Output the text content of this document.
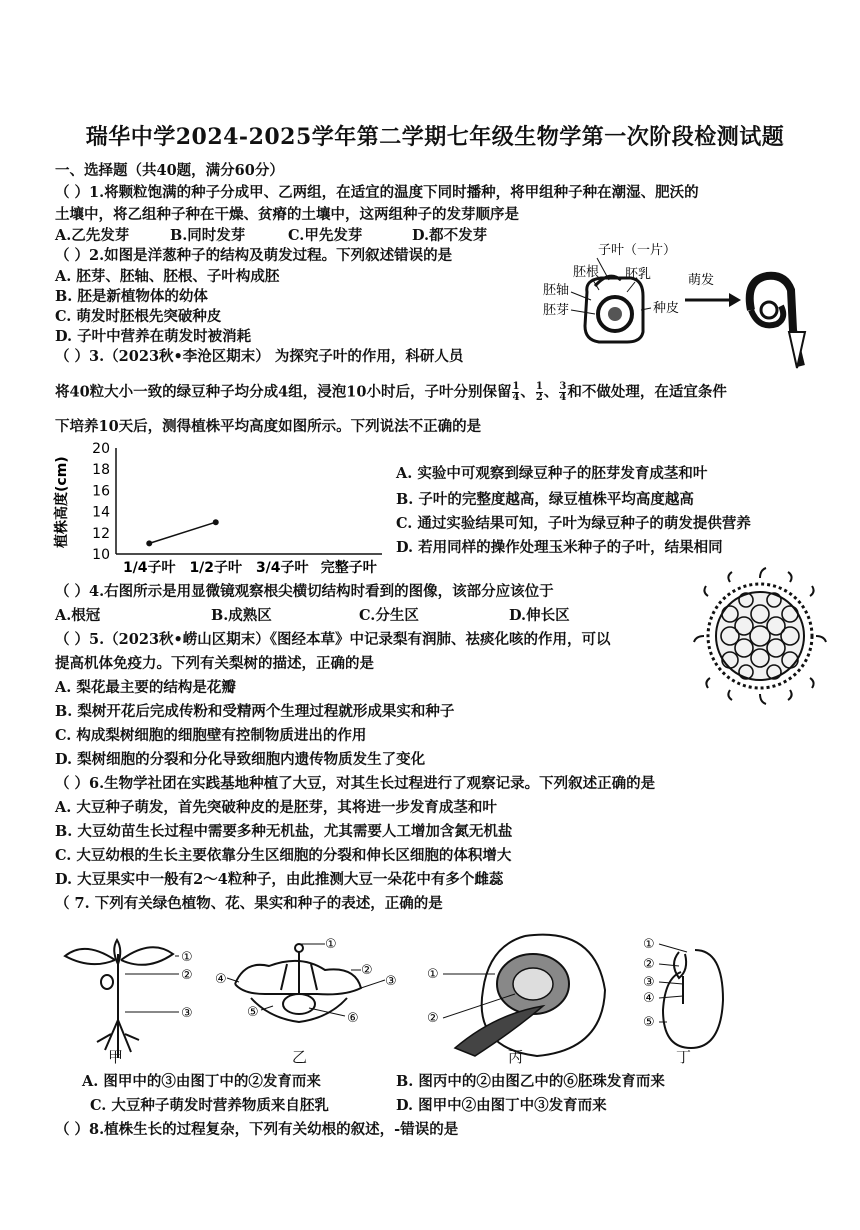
瑞华中学2024-2025学年第二学期七年级生物学第一次阶段检测试题
一、选择题（共40题，满分60分）
（ ）1.将颗粒饱满的种子分成甲、乙两组，在适宜的温度下同时播种，将甲组种子种在潮湿、肥沃的
土壤中，将乙组种子种在干燥、贫瘠的土壤中，这两组种子的发芽顺序是
A.乙先发芽	B.同时发芽	C.甲先发芽	D.都不发芽
（ ）2.如图是洋葱种子的结构及萌发过程。下列叙述错误的是
A. 胚芽、胚轴、胚根、子叶构成胚
B. 胚是新植物体的幼体
C. 萌发时胚根先突破种皮
D. 子叶中营养在萌发时被消耗
子叶（一片）
胚根 胚乳
胚轴
胚芽	种皮
萌发
（ ）3.（2023秋•李沧区期末） 为探究子叶的作用，科研人员
将40粒大小一致的绿豆种子均分成4组，浸泡10小时后，子叶分别保留 $\frac{1}{4}$ 、 $\frac{1}{2}$ 、 $\frac{3}{4}$ 和不做处理，在适宜条件
下培养10天后，测得植株平均高度如图所示。下列说法不正确的是
植株高度(cm)
20
18
16
14
12
10
1/4子叶 1/2子叶 3/4子叶 完整子叶
A. 实验中可观察到绿豆种子的胚芽发育成茎和叶
B. 子叶的完整度越高，绿豆植株平均高度越高
C. 通过实验结果可知，子叶为绿豆种子的萌发提供营养
D. 若用同样的操作处理玉米种子的子叶，结果相同
（ ）4.右图所示是用显微镜观察根尖横切结构时看到的图像，该部分应该位于
A.根冠	B.成熟区	C.分生区	D.伸长区
（ ）5.（2023秋•崂山区期末）《图经本草》中记录梨有润肺、祛痰化咳的作用，可以
提高机体免疫力。下列有关梨树的描述，正确的是
A. 梨花最主要的结构是花瓣
B. 梨树开花后完成传粉和受精两个生理过程就形成果实和种子
C. 构成梨树细胞的细胞壁有控制物质进出的作用
D. 梨树细胞的分裂和分化导致细胞内遗传物质发生了变化
（ ）6.生物学社团在实践基地种植了大豆，对其生长过程进行了观察记录。下列叙述正确的是
A. 大豆种子萌发，首先突破种皮的是胚芽，其将进一步发育成茎和叶
B. 大豆幼苗生长过程中需要多种无机盐，尤其需要人工增加含氮无机盐
C. 大豆幼根的生长主要依靠分生区细胞的分裂和伸长区细胞的体积增大
D. 大豆果实中一般有2～4粒种子，由此推测大豆一朵花中有多个雌蕊
（ 7. 下列有关绿色植物、花、果实和种子的表述，正确的是
①
②
③
④
①
②
③
⑤	⑥
①
②
①
②
③
④
⑤
甲	乙	丙	丁
A. 图甲中的③由图丁中的②发育而来	B. 图丙中的②由图乙中的⑥胚珠发育而来
C. 大豆种子萌发时营养物质来自胚乳	D. 图甲中②由图丁中③发育而来
（ ）8.植株生长的过程复杂，下列有关幼根的叙述，-错误的是
